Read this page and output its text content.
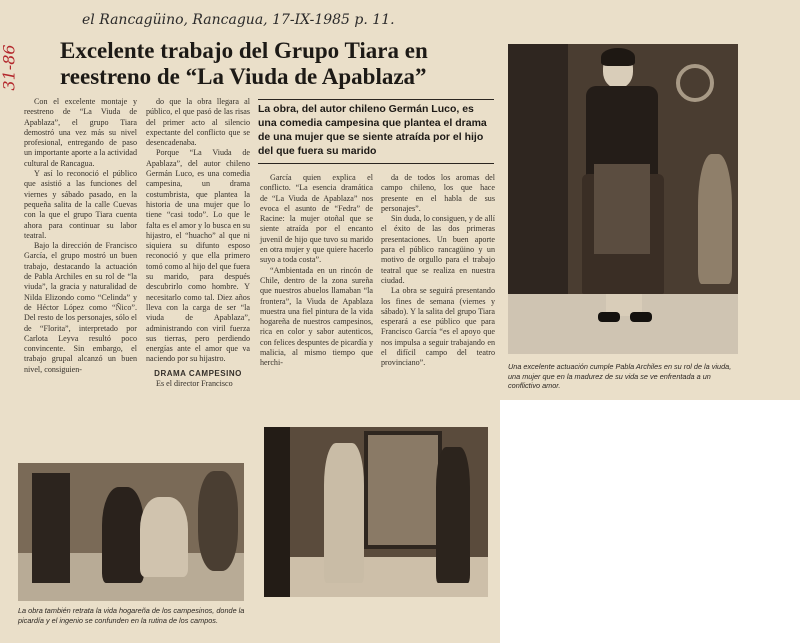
el Rancagüino, Rancagua, 17-IX-1985 p. 11.
31-86 Excelente trabajo del Grupo Tiara en reestreno de “La Viuda de Apablaza”
La obra, del autor chileno Germán Luco, es una comedia campesina que plantea el drama de una mujer que se siente atraída por el hijo del que fuera su marido

Con el excelente montaje y reestreno de “La Viuda de Apablaza”, el grupo Tiara demostró una vez más su nivel profesional, entregando de paso un importante aporte a la actividad cultural de Rancagua.

Y así lo reconoció el público que asistió a las funciones del viernes y sábado pasado, en la pequeña salita de la calle Cuevas con la que el grupo Tiara cuenta ahora para continuar su labor teatral.

Bajo la dirección de Francisco García, el grupo mostró un buen trabajo, destacando la actuación de Pabla Archiles en su rol de “la viuda”, la gracia y naturalidad de Nilda Elizondo como “Celinda” y de Héctor López como “Ñico”. Del resto de los personajes, sólo el de “Florita”, interpretado por Carlota Leyva resultó poco convincente. Sin embargo, el trabajo grupal alcanzó un buen nivel, consiguien-

do que la obra llegara al público, el que pasó de las risas del primer acto al silencio expectante del conflicto que se desencadenaba.

Porque “La Viuda de Apablaza”, del autor chileno Germán Luco, es una comedia campesina, un drama costumbrista, que plantea la historia de una mujer que lo tiene “casi todo”. Lo que le falta es el amor y lo busca en su hijastro, el “huacho” al que ni siquiera su difunto esposo reconoció y que ella primero tomó como al hijo del que fuera su marido, para después descubrirlo como hombre. Y necesitarlo como tal. Diez años lleva con la carga de ser “la viuda de Apablaza”, administrando con viril fuerza sus tierras, pero perdiendo energías ante el amor que va naciendo por su hijastro.

DRAMA CAMPESINO

Es el director Francisco

García quien explica el conflicto. “La esencia dramática de “La Viuda de Apablaza” nos evoca el asunto de “Fedra” de Racine: la mujer otoñal que se siente atraída por el encanto juvenil de hijo que tuvo su marido en otra mujer y que quiere hacerlo suyo a toda costa”.

“Ambientada en un rincón de Chile, dentro de la zona sureña que nuestros abuelos llamaban “la frontera”, la Viuda de Apablaza muestra una fiel pintura de la vida hogareña de nuestros campesinos, rica en color y sabor autenticos, con felices despuntes de picardía y malicia, al mismo tiempo que herchi-

da de todos los aromas del campo chileno, los que hace presente en el habla de sus personajes”.

Sin duda, lo consiguen, y de allí el éxito de las dos primeras presentaciones. Un buen aporte para el público rancagüino y un motivo de orgullo para el trabajo teatral que se realiza en nuestra ciudad.

La obra se seguirá presentando los fines de semana (viernes y sábado). Y la salita del grupo Tiara esperará a ese público que para Francisco García “es el apoyo que nos impulsa a seguir trabajando en el difícil campo del teatro provinciano”.	Una excelente actuación cumple Pabla Archiles en su rol de la viuda, una mujer que en la madurez de su vida se ve enfrentada a un conflictivo amor.
La obra también retrata la vida hogareña de los campesinos, donde la picardía y el ingenio se confunden en la rutina de los campos.
